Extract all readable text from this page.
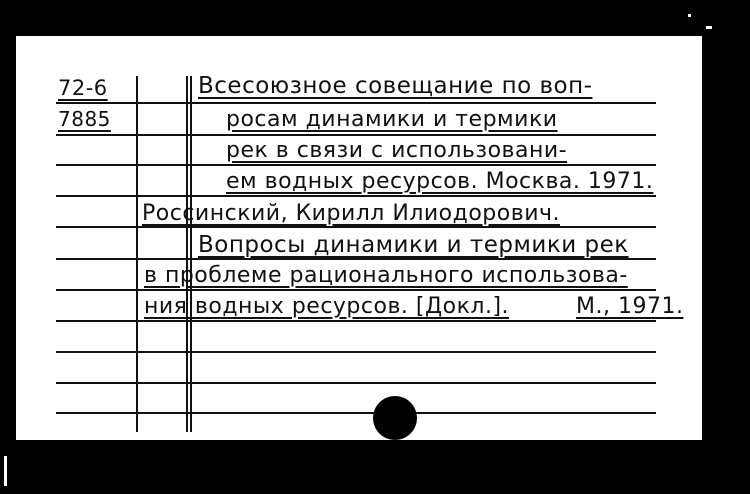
72-6
7885
Всесоюзное совещание по воп-
росам динамики и термики
рек в связи с использовани-
ем водных ресурсов. Москва. 1971.
Россинский, Кирилл Илиодорович.
Вопросы динамики и термики рек
в проблеме рационального использова-
ния водных ресурсов. [Докл.].	М., 1971.
